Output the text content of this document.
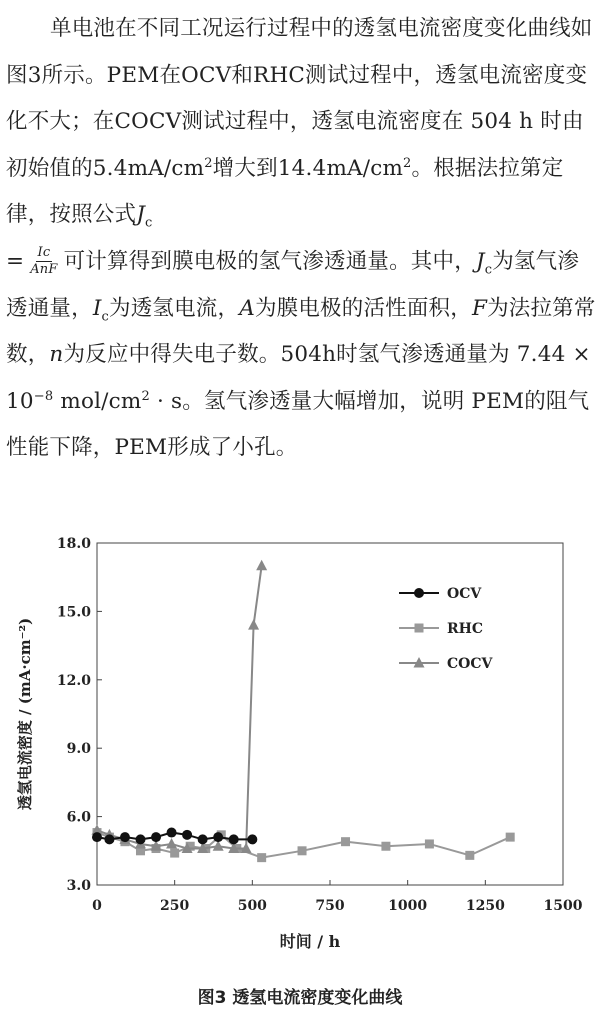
单电池在不同工况运行过程中的透氢电流密度变化曲线如图3所示。PEM在OCV和RHC测试过程中，透氢电流密度变化不大；在COCV测试过程中，透氢电流密度在 504 h 时由初始值的$5.4mA/cm^2$增大到$14.4mA/cm^2$。根据法拉第定律，按照公式$J_c$
= $\frac{Ic}{\text{AnF}}$ 可计算得到膜电极的氢气渗透通量。其中，$J_c$为氢气渗透通量，$I_c$为透氢电流，A为膜电极的活性面积，F为法拉第常数，n为反应中得失电子数。504h时氢气渗透通量为 $7.44 \times 10^{-8}$ mol/$cm^2 \cdot s$。氢气渗透量大幅增加，说明 PEM的阻气性能下降，PEM形成了小孔。

3.0
6.0
9.0
12.0
15.0
18.0
0	250	500	750	1000	1250	1500
时间 / h
透氢电流密度 / (mA·cm⁻²)
OCV
RHC
COCV
图3 透氢电流密度变化曲线
